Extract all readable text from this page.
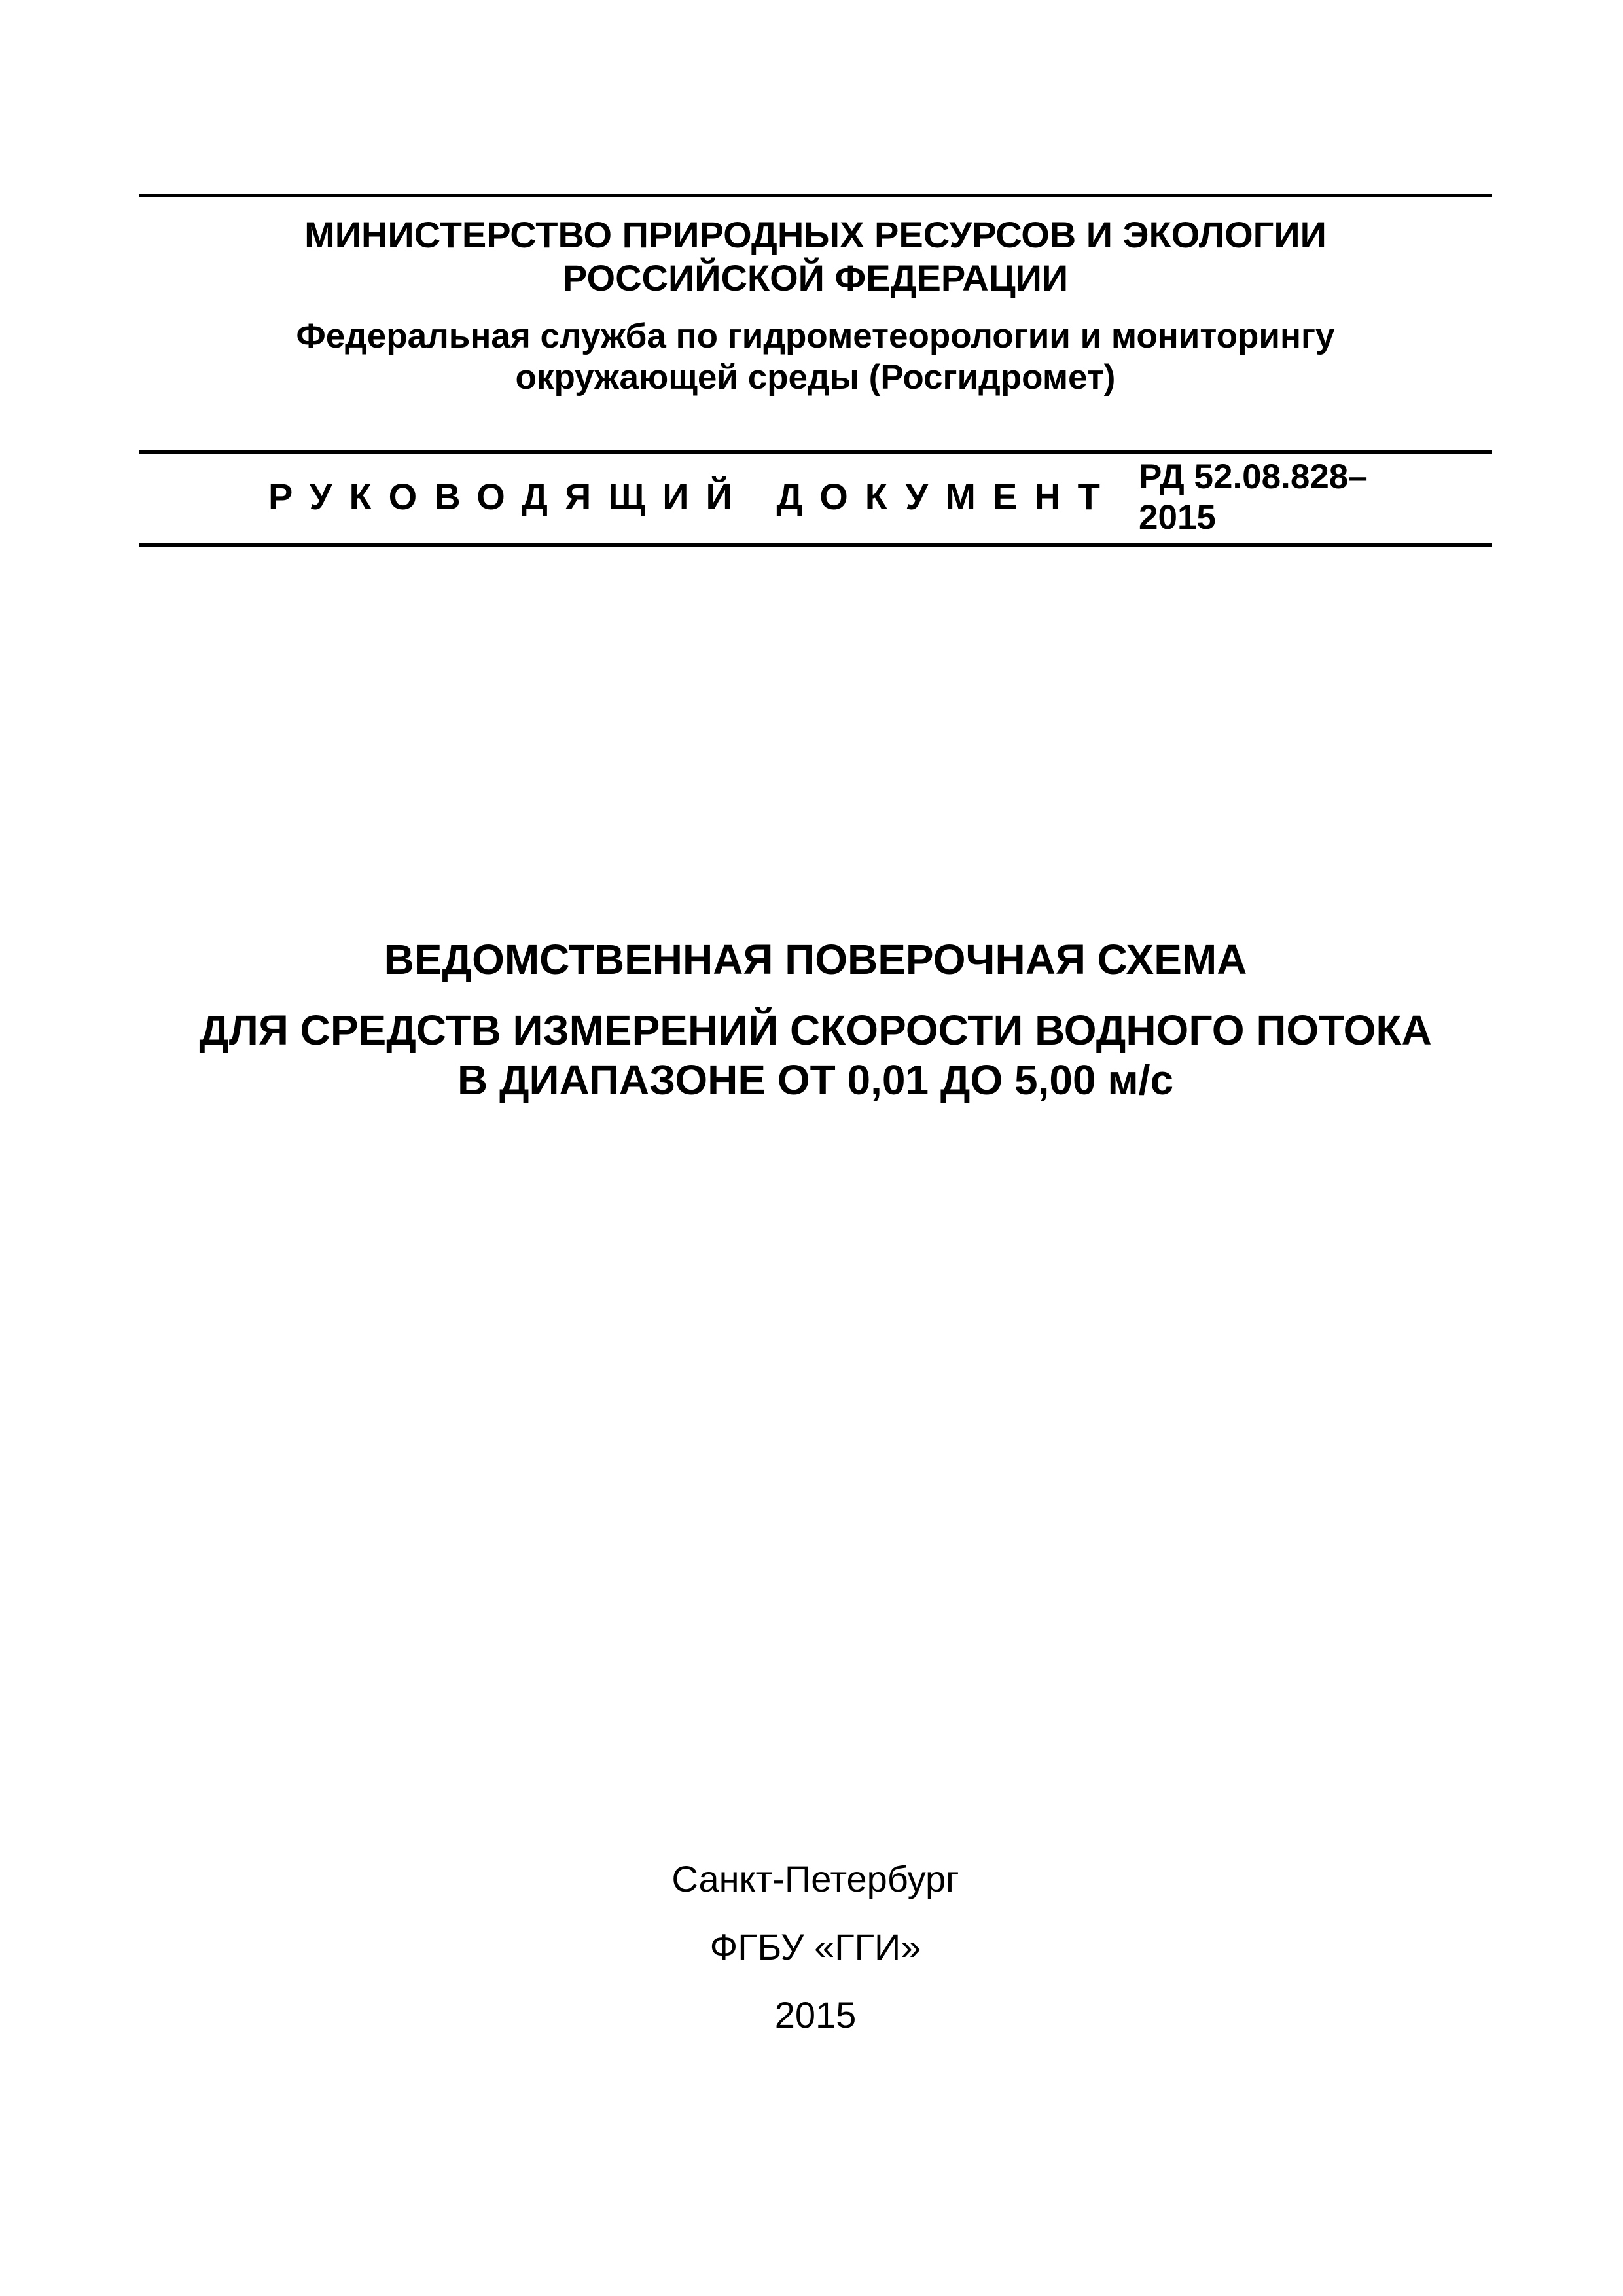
МИНИСТЕРСТВО ПРИРОДНЫХ РЕСУРСОВ И ЭКОЛОГИИ
РОССИЙСКОЙ ФЕДЕРАЦИИ
Федеральная служба по гидрометеорологии и мониторингу
окружающей среды (Росгидромет)
РУКОВОДЯЩИЙ ДОКУМЕНТ РД 52.08.828–
2015
ВЕДОМСТВЕННАЯ ПОВЕРОЧНАЯ СХЕМА
ДЛЯ СРЕДСТВ ИЗМЕРЕНИЙ СКОРОСТИ ВОДНОГО ПОТОКА
В ДИАПАЗОНЕ ОТ 0,01 ДО 5,00 м/с
Санкт-Петербург
ФГБУ «ГГИ»
2015
